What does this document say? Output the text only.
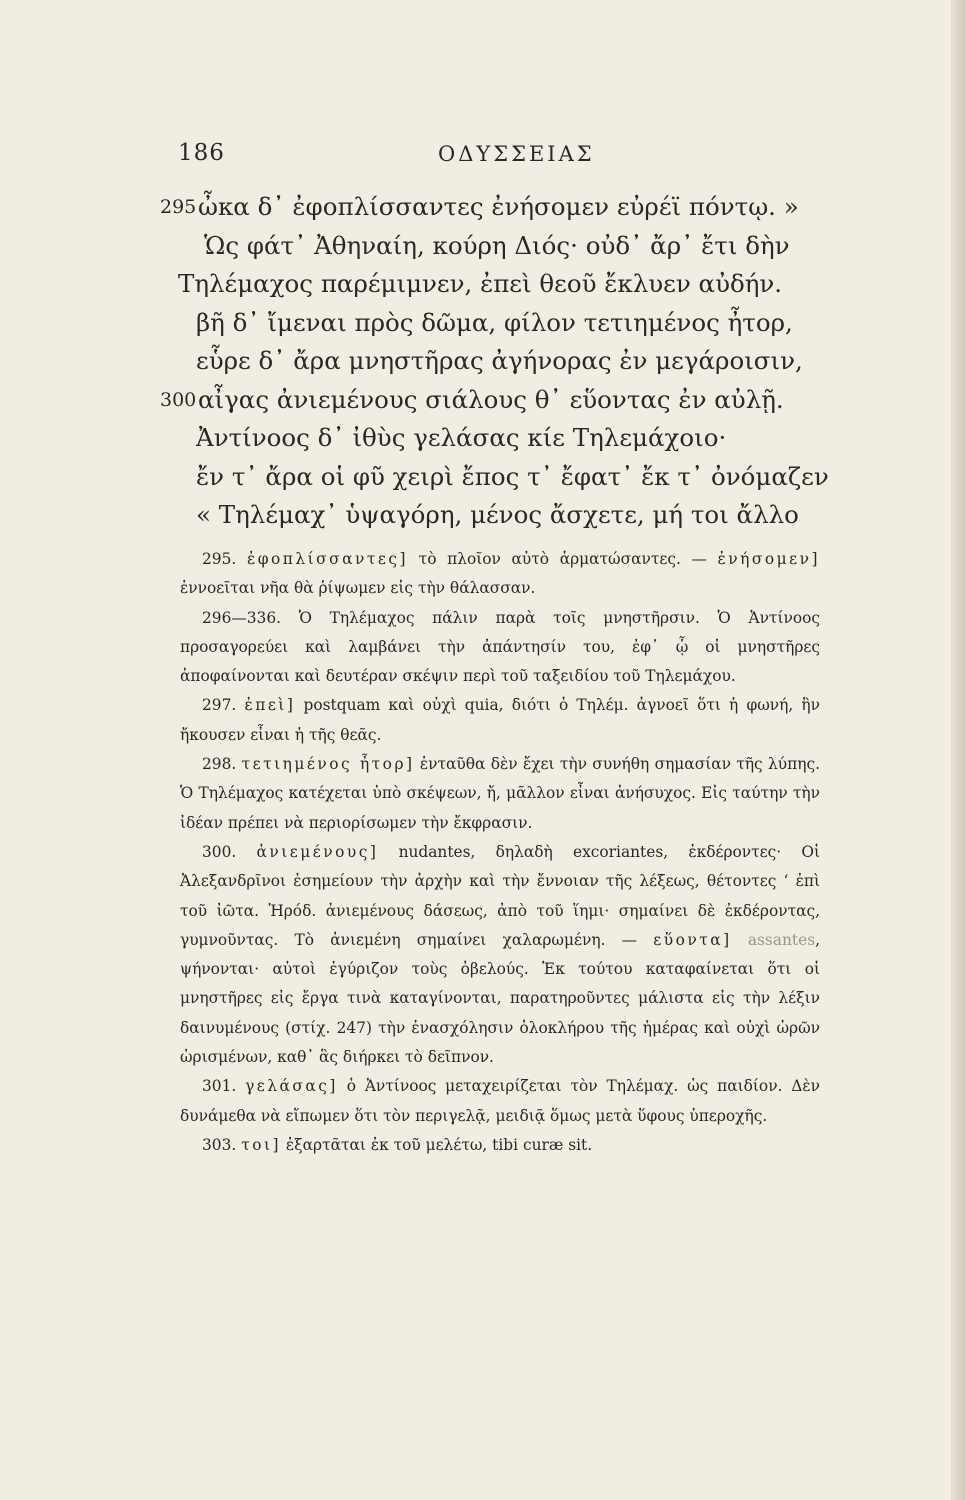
186	ΟΔΥΣΣΕΙΑΣ
295 ὦκα δ᾽ ἐφοπλίσσαντες ἐνήσομεν εὐρέϊ πόντῳ. »
Ὡς φάτ᾽ Ἀθηναίη, κούρη Διός· οὐδ᾽ ἄρ᾽ ἔτι δὴν
Τηλέμαχος παρέμιμνεν, ἐπεὶ θεοῦ ἔκλυεν αὐδήν.
βῆ δ᾽ ἴμεναι πρὸς δῶμα, φίλον τετιημένος ἦτορ,
εὗρε δ᾽ ἄρα μνηστῆρας ἀγήνορας ἐν μεγάροισιν,
300 αἶγας ἀνιεμένους σιάλους θ᾽ εὕοντας ἐν αὐλῇ.
Ἀντίνοος δ᾽ ἰθὺς γελάσας κίε Τηλεμάχοιο·
ἔν τ᾽ ἄρα οἱ φῦ χειρὶ ἔπος τ᾽ ἔφατ᾽ ἔκ τ᾽ ὀνόμαζεν
« Τηλέμαχ᾽ ὑψαγόρη, μένος ἄσχετε, μή τοι ἄλλο

295. ἐφοπλίσσαντες] τὸ πλοῖον αὐτὸ ἁρματώσαντες. — ἐνήσομεν] ἐννοεῖται νῆα θὰ ῥίψωμεν εἰς τὴν θάλασσαν.

296—336. Ὁ Τηλέμαχος πάλιν παρὰ τοῖς μνηστῆρσιν. Ὁ Ἀντίνοος προσαγορεύει καὶ λαμβάνει τὴν ἀπάντησίν του, ἐφ᾽ ᾧ οἱ μνηστῆρες ἀποφαίνονται καὶ δευτέραν σκέψιν περὶ τοῦ ταξειδίου τοῦ Τηλεμάχου.

297. ἐπεὶ] postquam καὶ οὐχὶ quia, διότι ὁ Τηλέμ. ἀγνοεῖ ὅτι ἡ φωνή, ἣν ἤκουσεν εἶναι ἡ τῆς θεᾶς.

298. τετιημένος ἦτορ] ἐνταῦθα δὲν ἔχει τὴν συνήθη σημασίαν τῆς λύπης. Ὁ Τηλέμαχος κατέχεται ὑπὸ σκέψεων, ἤ, μᾶλλον εἶναι ἀνήσυχος. Εἰς ταύτην τὴν ἰδέαν πρέπει νὰ περιορίσωμεν τὴν ἔκφρασιν.

300. ἀνιεμένους] nudantes, δηλαδὴ excoriantes, ἐκδέροντες· Οἱ Ἀλεξανδρῖνοι ἐσημείουν τὴν ἀρχὴν καὶ τὴν ἔννοιαν τῆς λέξεως, θέτοντες ʻ ἐπὶ τοῦ ἰῶτα. Ἡρόδ. ἀνιεμένους δάσεως, ἀπὸ τοῦ ἵημι· σημαίνει δὲ ἐκδέροντας, γυμνοῦντας. Τὸ ἀνιεμένη σημαίνει χαλαρωμένη. — εὕοντα] assantes, ψήνονται· αὐτοὶ ἐγύριζον τοὺς ὀβελούς. Ἐκ τούτου καταφαίνεται ὅτι οἱ μνηστῆρες εἰς ἔργα τινὰ καταγίνονται, παρατηροῦντες μάλιστα εἰς τὴν λέξιν δαινυμένους (στίχ. 247) τὴν ἐνασχόλησιν ὁλοκλήρου τῆς ἡμέρας καὶ οὐχὶ ὡρῶν ὡρισμένων, καθ᾽ ἃς διήρκει τὸ δεῖπνον.

301. γελάσας] ὁ Ἀντίνοος μεταχειρίζεται τὸν Τηλέμαχ. ὡς παιδίον. Δὲν δυνάμεθα νὰ εἴπωμεν ὅτι τὸν περιγελᾷ, μειδιᾷ ὅμως μετὰ ὕφους ὑπεροχῆς.

303. τοι] ἐξαρτᾶται ἐκ τοῦ μελέτω, tibi curæ sit.
